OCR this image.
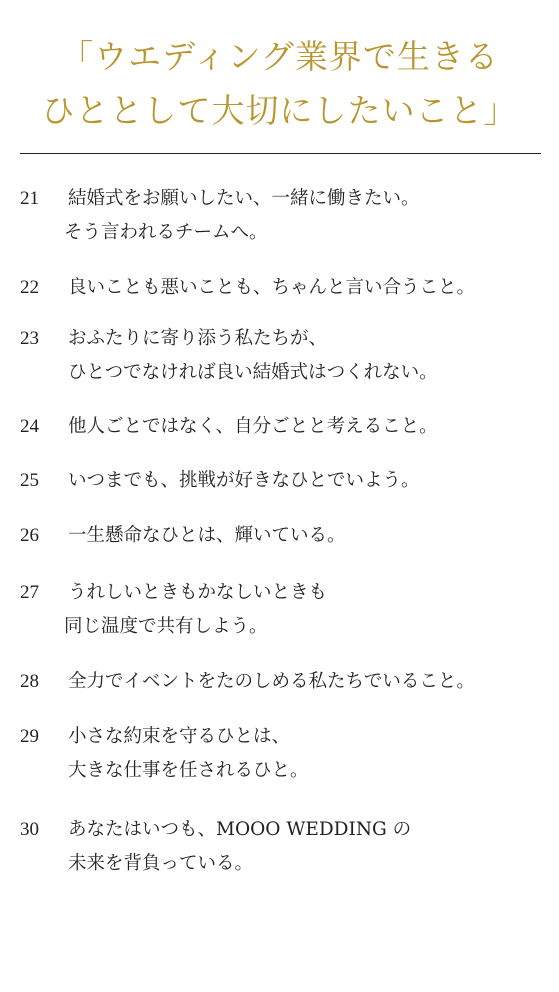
「ウエディング業界で生きる
ひととして大切にしたいこと」
21 結婚式をお願いしたい、一緒に働きたい。
そう言われるチームへ。
22 良いことも悪いことも、ちゃんと言い合うこと。
23 おふたりに寄り添う私たちが、
ひとつでなければ良い結婚式はつくれない。
24 他人ごとではなく、自分ごとと考えること。
25 いつまでも、挑戦が好きなひとでいよう。
26 一生懸命なひとは、輝いている。
27 うれしいときもかなしいときも
同じ温度で共有しよう。
28 全力でイベントをたのしめる私たちでいること。
29 小さな約束を守るひとは、
大きな仕事を任されるひと。
30 あなたはいつも、MOOO WEDDING の
未来を背負っている。
